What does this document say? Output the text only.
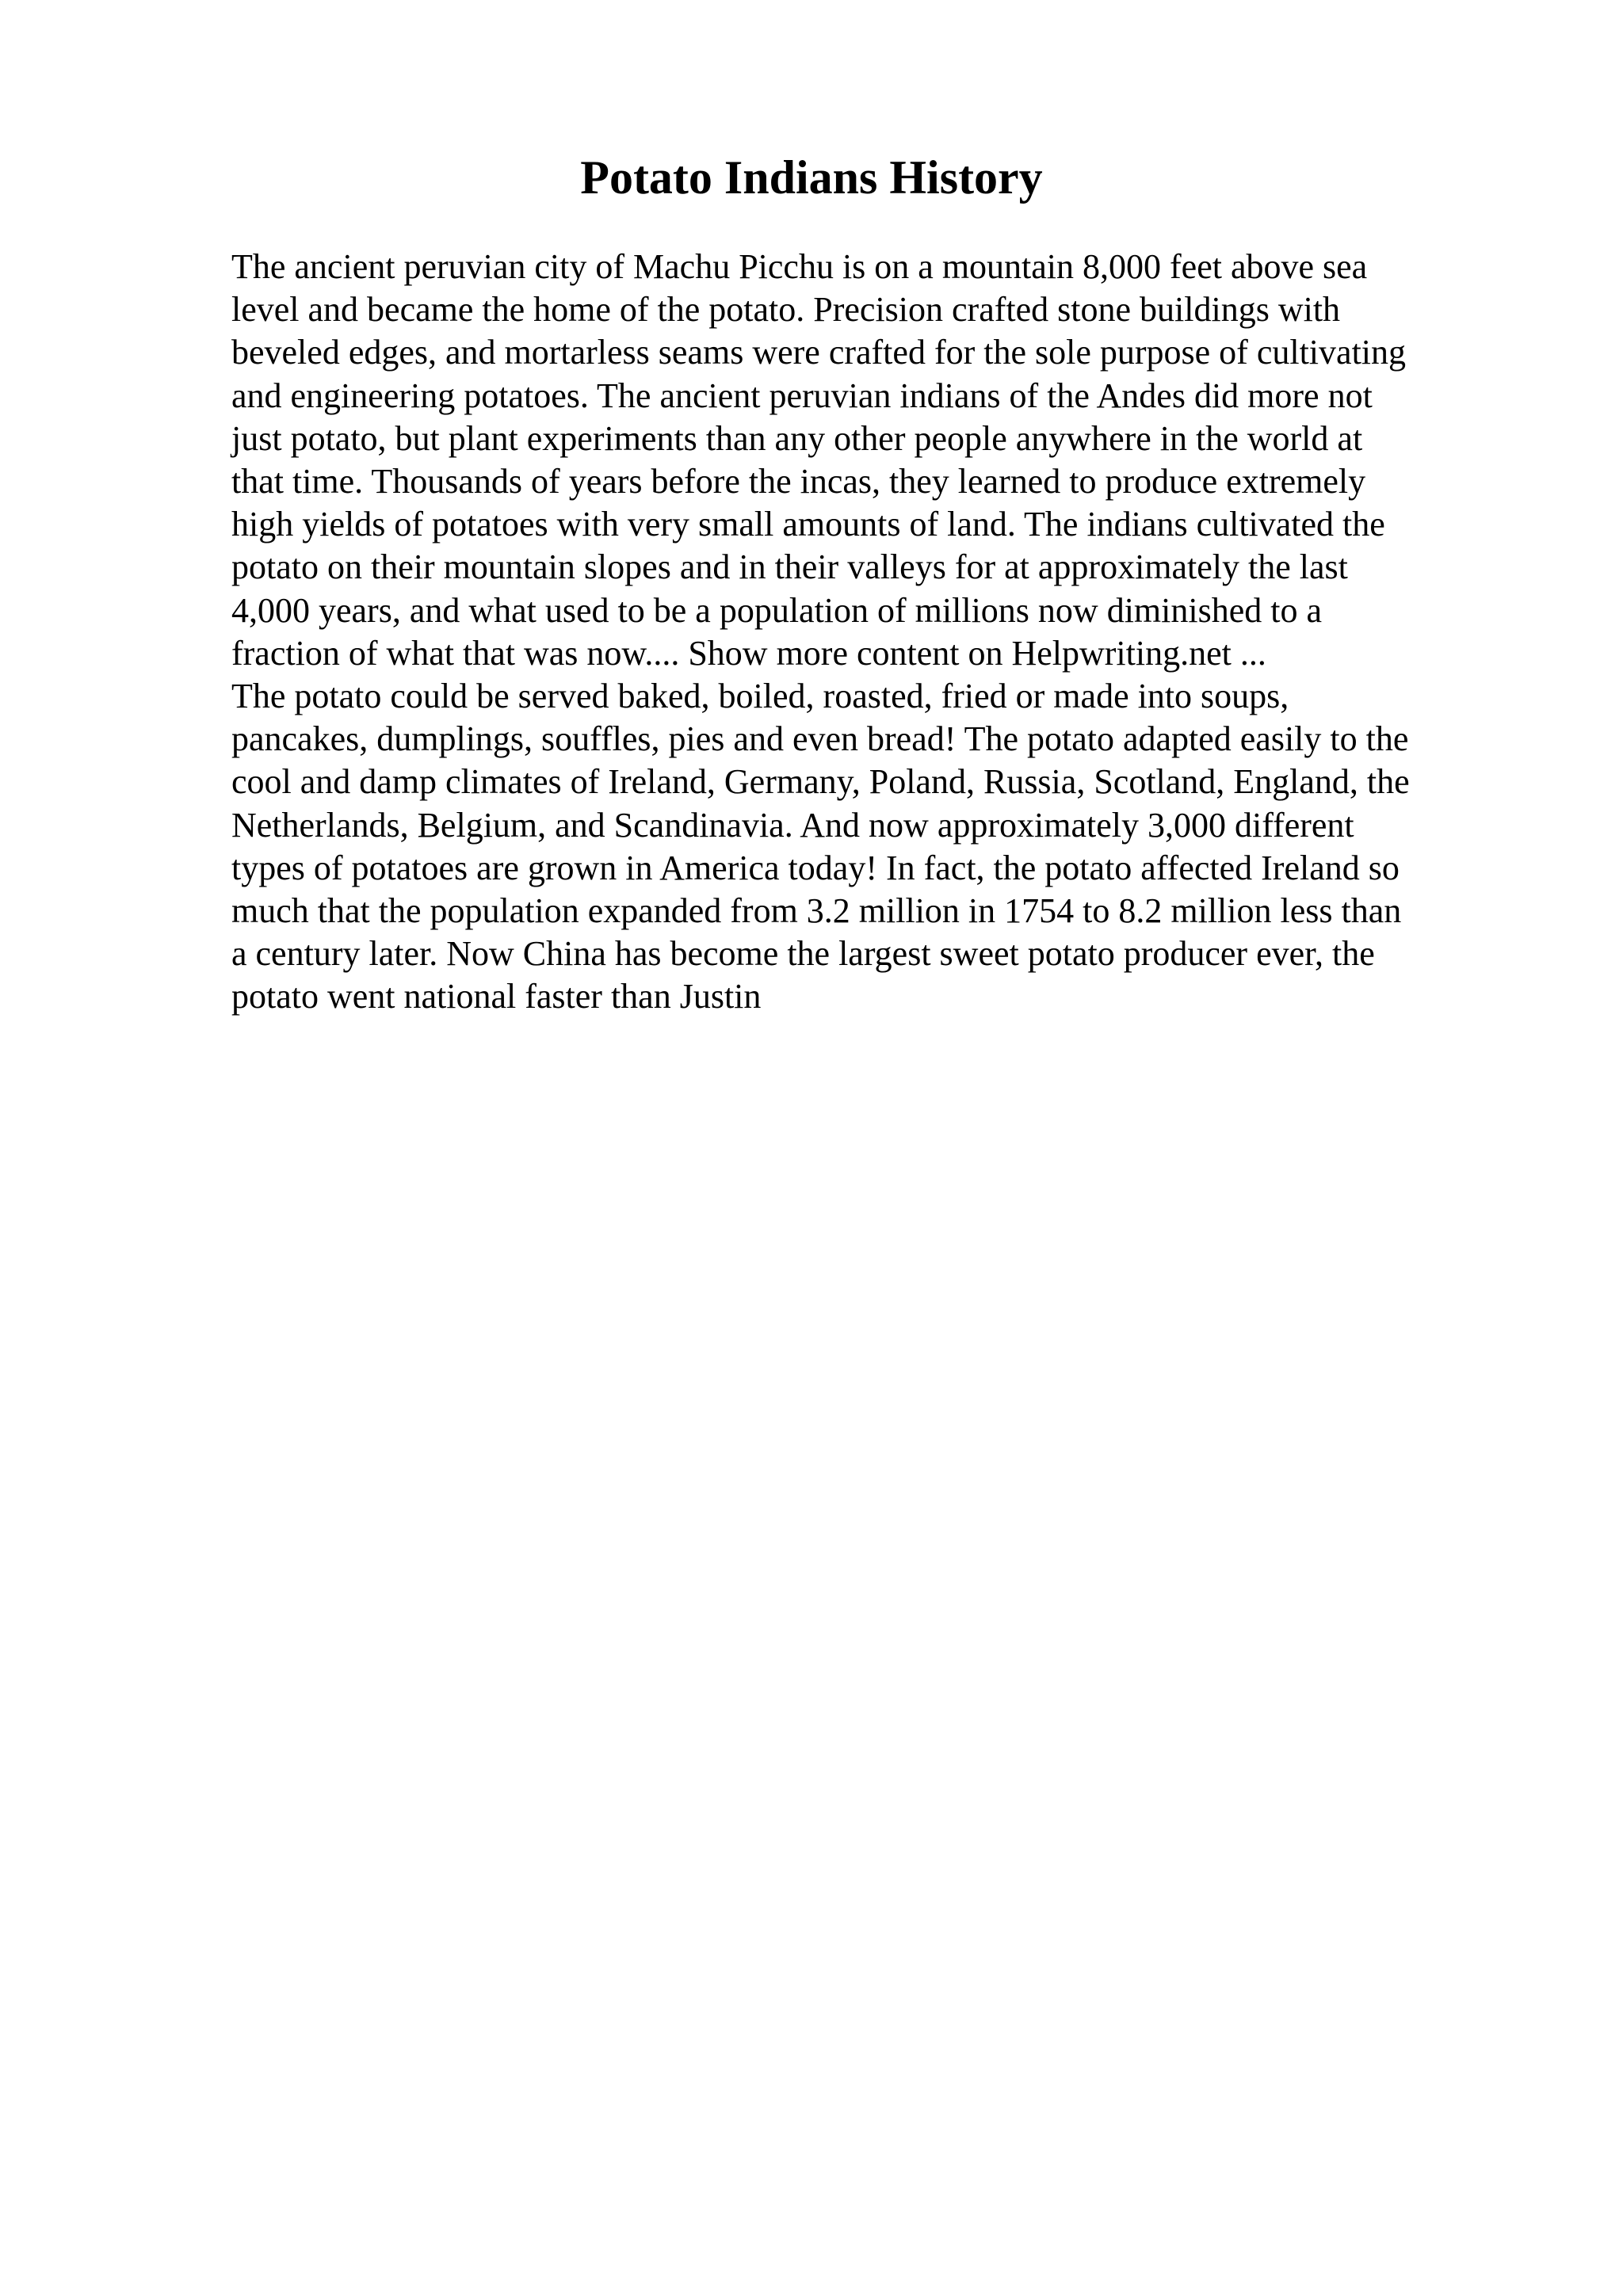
Potato Indians History
The ancient peruvian city of Machu Picchu is on a mountain 8,000 feet above sea
level and became the home of the potato. Precision crafted stone buildings with
beveled edges, and mortarless seams were crafted for the sole purpose of cultivating
and engineering potatoes. The ancient peruvian indians of the Andes did more not
just potato, but plant experiments than any other people anywhere in the world at
that time. Thousands of years before the incas, they learned to produce extremely
high yields of potatoes with very small amounts of land. The indians cultivated the
potato on their mountain slopes and in their valleys for at approximately the last
4,000 years, and what used to be a population of millions now diminished to a
fraction of what that was now.... Show more content on Helpwriting.net ...
The potato could be served baked, boiled, roasted, fried or made into soups,
pancakes, dumplings, souffles, pies and even bread! The potato adapted easily to the
cool and damp climates of Ireland, Germany, Poland, Russia, Scotland, England, the
Netherlands, Belgium, and Scandinavia. And now approximately 3,000 different
types of potatoes are grown in America today! In fact, the potato affected Ireland so
much that the population expanded from 3.2 million in 1754 to 8.2 million less than
a century later. Now China has become the largest sweet potato producer ever, the
potato went national faster than Justin
